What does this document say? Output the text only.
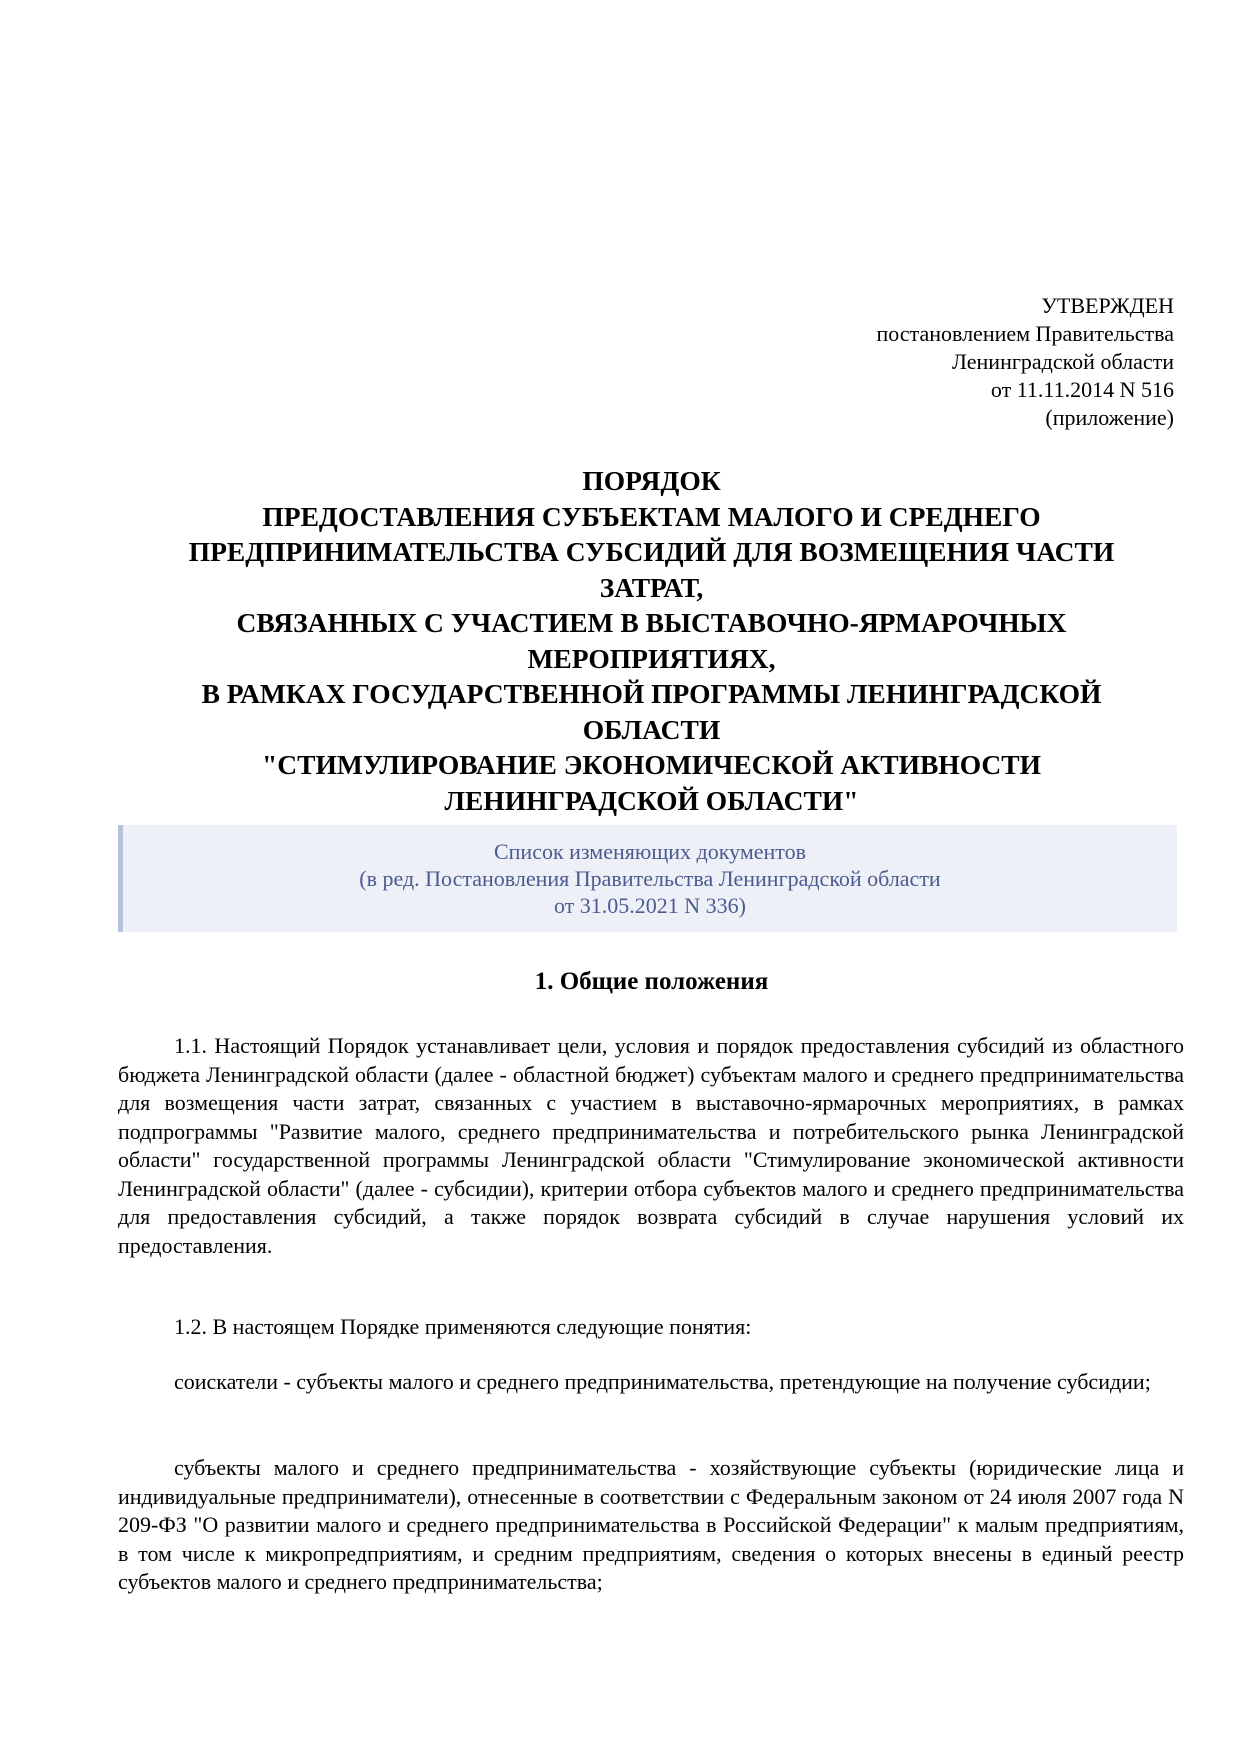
УТВЕРЖДЕН
постановлением Правительства
Ленинградской области
от 11.11.2014 N 516
(приложение)
ПОРЯДОК
ПРЕДОСТАВЛЕНИЯ СУБЪЕКТАМ МАЛОГО И СРЕДНЕГО
ПРЕДПРИНИМАТЕЛЬСТВА СУБСИДИЙ ДЛЯ ВОЗМЕЩЕНИЯ ЧАСТИ
ЗАТРАТ,
СВЯЗАННЫХ С УЧАСТИЕМ В ВЫСТАВОЧНО-ЯРМАРОЧНЫХ
МЕРОПРИЯТИЯХ,
В РАМКАХ ГОСУДАРСТВЕННОЙ ПРОГРАММЫ ЛЕНИНГРАДСКОЙ
ОБЛАСТИ
"СТИМУЛИРОВАНИЕ ЭКОНОМИЧЕСКОЙ АКТИВНОСТИ
ЛЕНИНГРАДСКОЙ ОБЛАСТИ"
Список изменяющих документов
(в ред. Постановления Правительства Ленинградской области
от 31.05.2021 N 336)
1. Общие положения
1.1. Настоящий Порядок устанавливает цели, условия и порядок предоставления субсидий из областного бюджета Ленинградской области (далее - областной бюджет) субъектам малого и среднего предпринимательства для возмещения части затрат, связанных с участием в выставочно-ярмарочных мероприятиях, в рамках подпрограммы "Развитие малого, среднего предпринимательства и потребительского рынка Ленинградской области" государственной программы Ленинградской области "Стимулирование экономической активности Ленинградской области" (далее - субсидии), критерии отбора субъектов малого и среднего предпринимательства для предоставления субсидий, а также порядок возврата субсидий в случае нарушения условий их предоставления.
1.2. В настоящем Порядке применяются следующие понятия:
соискатели - субъекты малого и среднего предпринимательства, претендующие на получение субсидии;
субъекты малого и среднего предпринимательства - хозяйствующие субъекты (юридические лица и индивидуальные предприниматели), отнесенные в соответствии с Федеральным законом от 24 июля 2007 года N 209-ФЗ "О развитии малого и среднего предпринимательства в Российской Федерации" к малым предприятиям, в том числе к микропредприятиям, и средним предприятиям, сведения о которых внесены в единый реестр субъектов малого и среднего предпринимательства;
